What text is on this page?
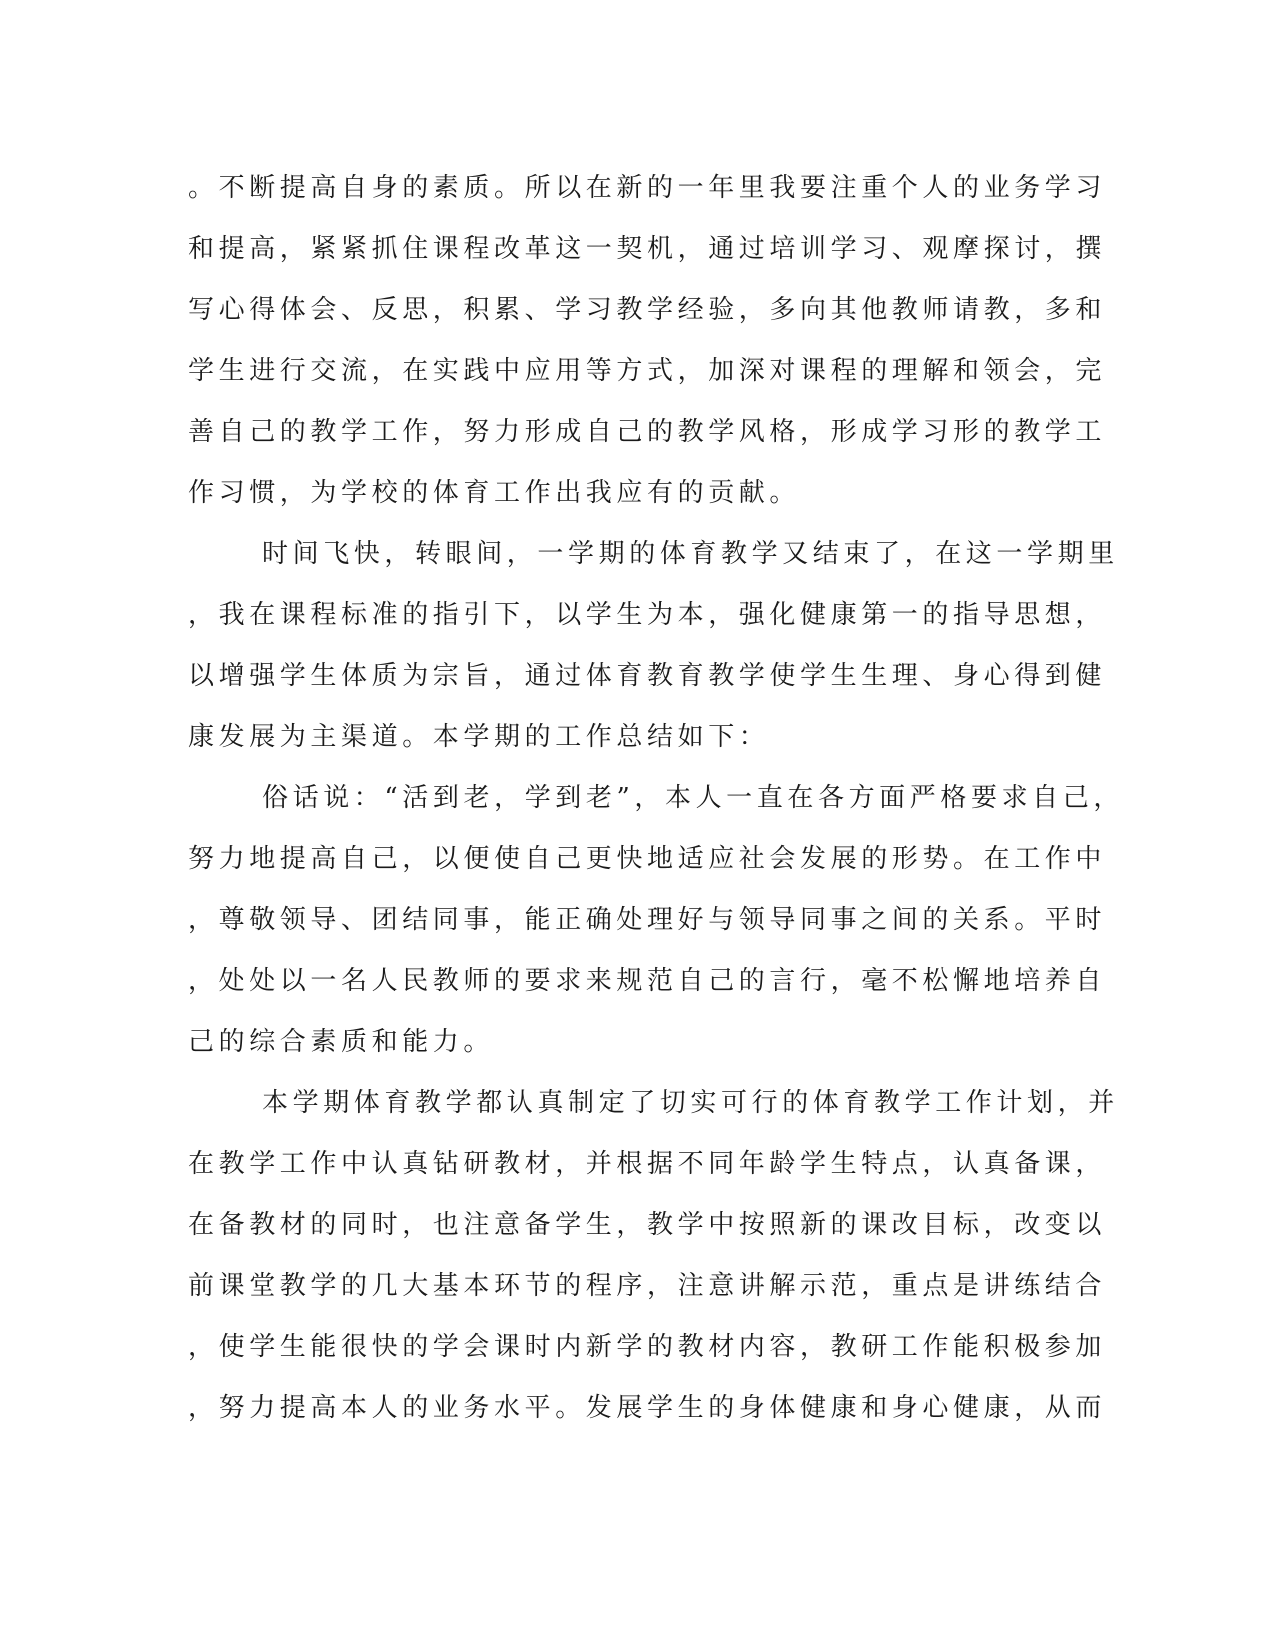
。不断提高自身的素质。所以在新的一年里我要注重个人的业务学习
和提高，紧紧抓住课程改革这一契机，通过培训学习、观摩探讨，撰
写心得体会、反思，积累、学习教学经验，多向其他教师请教，多和
学生进行交流，在实践中应用等方式，加深对课程的理解和领会，完
善自己的教学工作，努力形成自己的教学风格，形成学习形的教学工
作习惯，为学校的体育工作出我应有的贡献。
时间飞快，转眼间，一学期的体育教学又结束了，在这一学期里
，我在课程标准的指引下，以学生为本，强化健康第一的指导思想，
以增强学生体质为宗旨，通过体育教育教学使学生生理、身心得到健
康发展为主渠道。本学期的工作总结如下：
俗话说：“活到老，学到老”，本人一直在各方面严格要求自己，
努力地提高自己，以便使自己更快地适应社会发展的形势。在工作中
，尊敬领导、团结同事，能正确处理好与领导同事之间的关系。平时
，处处以一名人民教师的要求来规范自己的言行，毫不松懈地培养自
己的综合素质和能力。
本学期体育教学都认真制定了切实可行的体育教学工作计划，并
在教学工作中认真钻研教材，并根据不同年龄学生特点，认真备课，
在备教材的同时，也注意备学生，教学中按照新的课改目标，改变以
前课堂教学的几大基本环节的程序，注意讲解示范，重点是讲练结合
，使学生能很快的学会课时内新学的教材内容，教研工作能积极参加
，努力提高本人的业务水平。发展学生的身体健康和身心健康，从而
